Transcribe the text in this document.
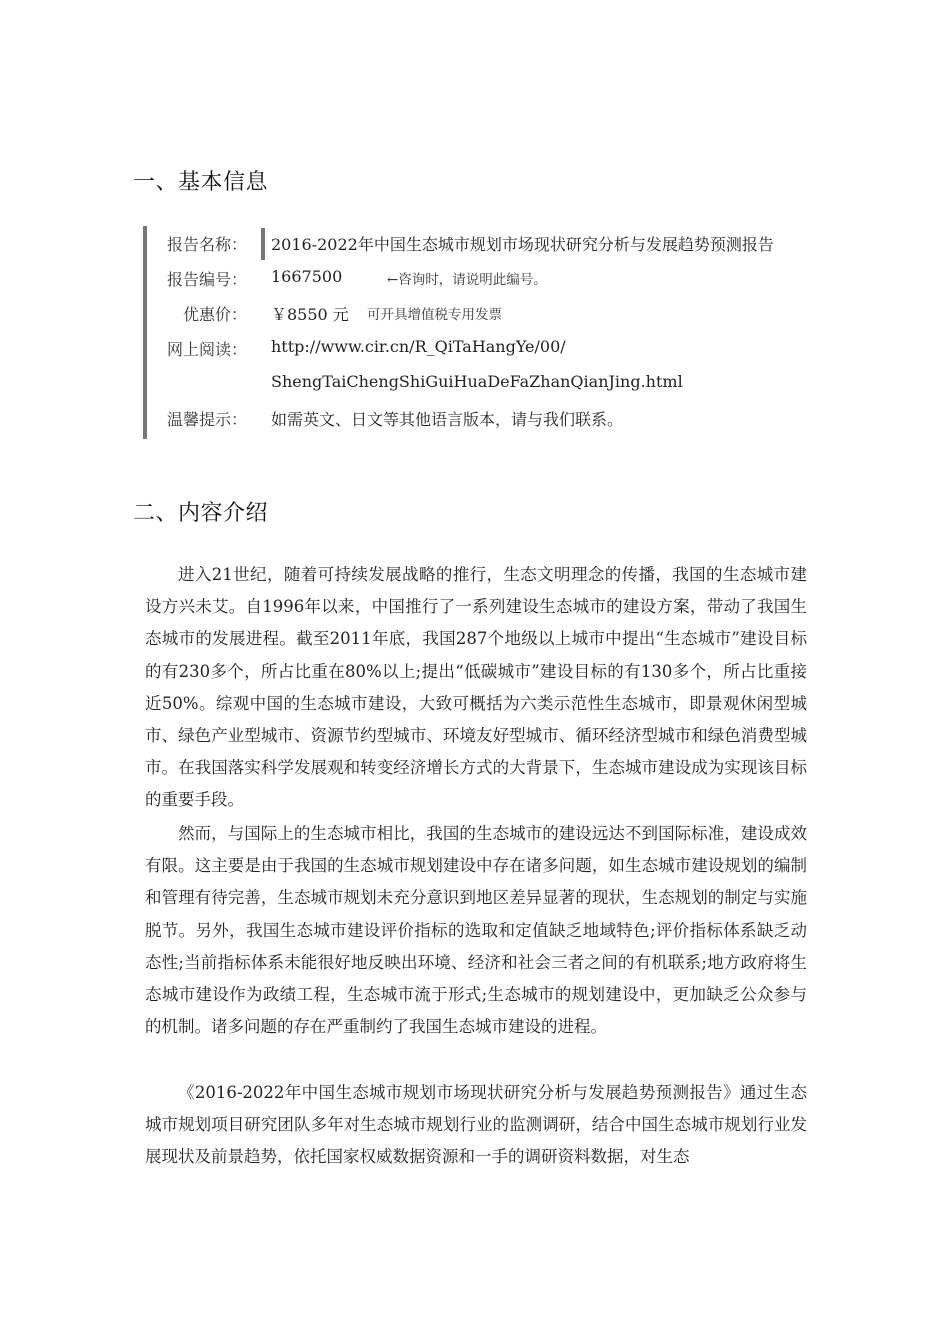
一、基本信息
报告名称： 2016-2022年中国生态城市规划市场现状研究分析与发展趋势预测报告
报告编号： 1667500	←咨询时，请说明此编号。
优惠价： ￥8550 元 可开具增值税专用发票
网上阅读： http://www.cir.cn/R_QiTaHangYe/00/
ShengTaiChengShiGuiHuaDeFaZhanQianJing.html
温馨提示： 如需英文、日文等其他语言版本，请与我们联系。
二、内容介绍

进入21世纪，随着可持续发展战略的推行，生态文明理念的传播，我国的生态城市建设方兴未艾。自1996年以来，中国推行了一系列建设生态城市的建设方案，带动了我国生态城市的发展进程。截至2011年底，我国287个地级以上城市中提出“生态城市”建设目标的有230多个，所占比重在80%以上;提出“低碳城市”建设目标的有130多个，所占比重接近50%。综观中国的生态城市建设，大致可概括为六类示范性生态城市，即景观休闲型城市、绿色产业型城市、资源节约型城市、环境友好型城市、循环经济型城市和绿色消费型城市。在我国落实科学发展观和转变经济增长方式的大背景下，生态城市建设成为实现该目标的重要手段。

然而，与国际上的生态城市相比，我国的生态城市的建设远达不到国际标准，建设成效有限。这主要是由于我国的生态城市规划建设中存在诸多问题，如生态城市建设规划的编制和管理有待完善，生态城市规划未充分意识到地区差异显著的现状，生态规划的制定与实施脱节。另外，我国生态城市建设评价指标的选取和定值缺乏地域特色;评价指标体系缺乏动态性;当前指标体系未能很好地反映出环境、经济和社会三者之间的有机联系;地方政府将生态城市建设作为政绩工程，生态城市流于形式;生态城市的规划建设中，更加缺乏公众参与的机制。诸多问题的存在严重制约了我国生态城市建设的进程。

《2016-2022年中国生态城市规划市场现状研究分析与发展趋势预测报告》通过生态城市规划项目研究团队多年对生态城市规划行业的监测调研，结合中国生态城市规划行业发展现状及前景趋势，依托国家权威数据资源和一手的调研资料数据，对生态
